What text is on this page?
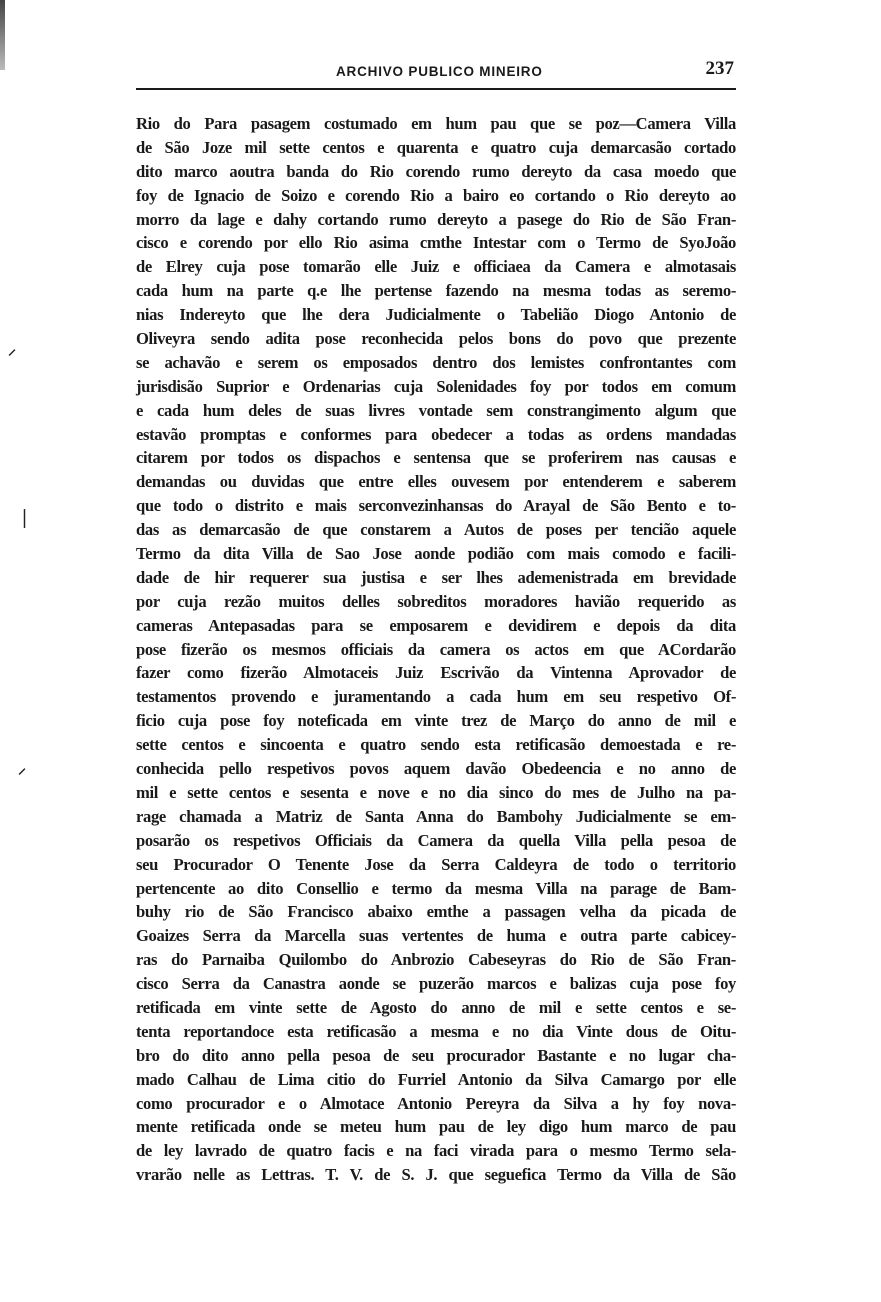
ARCHIVO PUBLICO MINEIRO	237
⸍
׀
⸍
Rio do Para pasagem costumado em hum pau que se poz—Camera Villa
de São Joze mil sette centos e quarenta e quatro cuja demarcasão cortado
dito marco aoutra banda do Rio corendo rumo dereyto da casa moedo que
foy de Ignacio de Soizo e corendo Rio a bairo eo cortando o Rio dereyto ao
morro da lage e dahy cortando rumo dereyto a pasege do Rio de São Fran-
cisco e corendo por ello Rio asima cmthe Intestar com o Termo de SyoJoão
de Elrey cuja pose tomarão elle Juiz e officiaea da Camera e almotasais
cada hum na parte q.e lhe pertense fazendo na mesma todas as seremo-
nias Indereyto que lhe dera Judicialmente o Tabelião Diogo Antonio de
Oliveyra sendo adita pose reconhecida pelos bons do povo que prezente
se achavão e serem os emposados dentro dos lemistes confrontantes com
jurisdisão Suprior e Ordenarias cuja Solenidades foy por todos em comum
e cada hum deles de suas livres vontade sem constrangimento algum que
estavão promptas e conformes para obedecer a todas as ordens mandadas
citarem por todos os dispachos e sentensa que se proferirem nas causas e
demandas ou duvidas que entre elles ouvesem por entenderem e saberem
que todo o distrito e mais serconvezinhansas do Arayal de São Bento e to-
das as demarcasão de que constarem a Autos de poses per tencião aquele
Termo da dita Villa de Sao Jose aonde podião com mais comodo e facili-
dade de hir requerer sua justisa e ser lhes ademenistrada em brevidade
por cuja rezão muitos delles sobreditos moradores havião requerido as
cameras Antepasadas para se emposarem e devidirem e depois da dita
pose fizerão os mesmos officiais da camera os actos em que ACordarão
fazer como fizerão Almotaceis Juiz Escrivão da Vintenna Aprovador de
testamentos provendo e juramentando a cada hum em seu respetivo Of-
ficio cuja pose foy noteficada em vinte trez de Março do anno de mil e
sette centos e sincoenta e quatro sendo esta retificasão demoestada e re-
conhecida pello respetivos povos aquem davão Obedeencia e no anno de
mil e sette centos e sesenta e nove e no dia sinco do mes de Julho na pa-
rage chamada a Matriz de Santa Anna do Bambohy Judicialmente se em-
posarão os respetivos Officiais da Camera da quella Villa pella pesoa de
seu Procurador O Tenente Jose da Serra Caldeyra de todo o territorio
pertencente ao dito Consellio e termo da mesma Villa na parage de Bam-
buhy rio de São Francisco abaixo emthe a passagen velha da picada de
Goaizes Serra da Marcella suas vertentes de huma e outra parte cabicey-
ras do Parnaiba Quilombo do Anbrozio Cabeseyras do Rio de São Fran-
cisco Serra da Canastra aonde se puzerão marcos e balizas cuja pose foy
retificada em vinte sette de Agosto do anno de mil e sette centos e se-
tenta reportandoce esta retificasão a mesma e no dia Vinte dous de Oitu-
bro do dito anno pella pesoa de seu procurador Bastante e no lugar cha-
mado Calhau de Lima citio do Furriel Antonio da Silva Camargo por elle
como procurador e o Almotace Antonio Pereyra da Silva a hy foy nova-
mente retificada onde se meteu hum pau de ley digo hum marco de pau
de ley lavrado de quatro facis e na faci virada para o mesmo Termo sela-
vrarão nelle as Lettras. T. V. de S. J. que seguefica Termo da Villa de São
